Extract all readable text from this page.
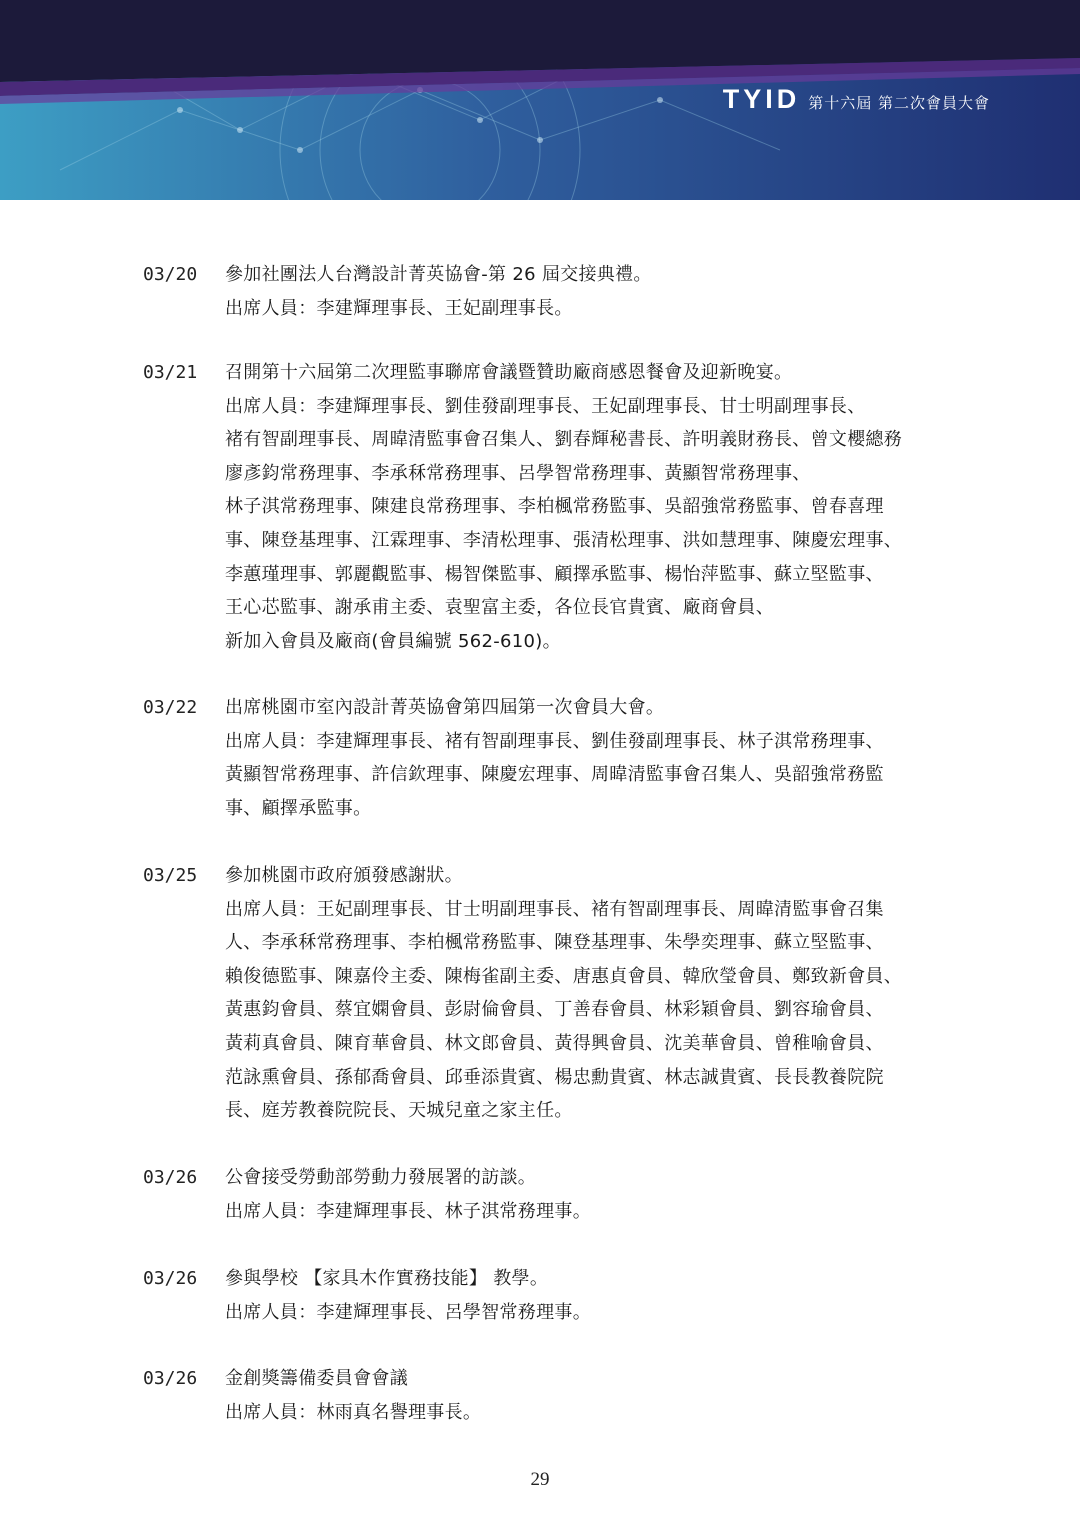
TYID 第十六屆 第二次會員大會
03/20 參加社團法人台灣設計菁英協會-第 26 屆交接典禮。
出席人員：李建輝理事長、王妃副理事長。
03/21 召開第十六屆第二次理監事聯席會議暨贊助廠商感恩餐會及迎新晚宴。
出席人員：李建輝理事長、劉佳發副理事長、王妃副理事長、甘士明副理事長、
褚有智副理事長、周暐清監事會召集人、劉春輝秘書長、許明義財務長、曾文櫻總務
廖彥鈞常務理事、李承秝常務理事、呂學智常務理事、黃顯智常務理事、
林子淇常務理事、陳建良常務理事、李柏楓常務監事、吳韶強常務監事、曾春喜理
事、陳登基理事、江霖理事、李清松理事、張清松理事、洪如慧理事、陳慶宏理事、
李蕙瑾理事、郭麗觀監事、楊智傑監事、顧擇承監事、楊怡萍監事、蘇立堅監事、
王心芯監事、謝承甫主委、袁聖富主委，各位長官貴賓、廠商會員、
新加入會員及廠商(會員編號 562-610)。
03/22 出席桃園市室內設計菁英協會第四屆第一次會員大會。
出席人員：李建輝理事長、褚有智副理事長、劉佳發副理事長、林子淇常務理事、
黃顯智常務理事、許信欽理事、陳慶宏理事、周暐清監事會召集人、吳韶強常務監
事、顧擇承監事。
03/25 參加桃園市政府頒發感謝狀。
出席人員：王妃副理事長、甘士明副理事長、褚有智副理事長、周暐清監事會召集
人、李承秝常務理事、李柏楓常務監事、陳登基理事、朱學奕理事、蘇立堅監事、
賴俊德監事、陳嘉伶主委、陳梅雀副主委、唐惠貞會員、韓欣瑩會員、鄭致新會員、
黃惠鈞會員、蔡宜嫻會員、彭尉倫會員、丁善春會員、林彩穎會員、劉容瑜會員、
黃莉真會員、陳育華會員、林文郎會員、黃得興會員、沈美華會員、曾稚喻會員、
范詠熏會員、孫郁喬會員、邱垂添貴賓、楊忠勳貴賓、林志誠貴賓、長長教養院院
長、庭芳教養院院長、天城兒童之家主任。
03/26 公會接受勞動部勞動力發展署的訪談。
出席人員：李建輝理事長、林子淇常務理事。
03/26 參與學校 【家具木作實務技能】 教學。
出席人員：李建輝理事長、呂學智常務理事。
03/26 金創獎籌備委員會會議
出席人員：林雨真名譽理事長。
29
